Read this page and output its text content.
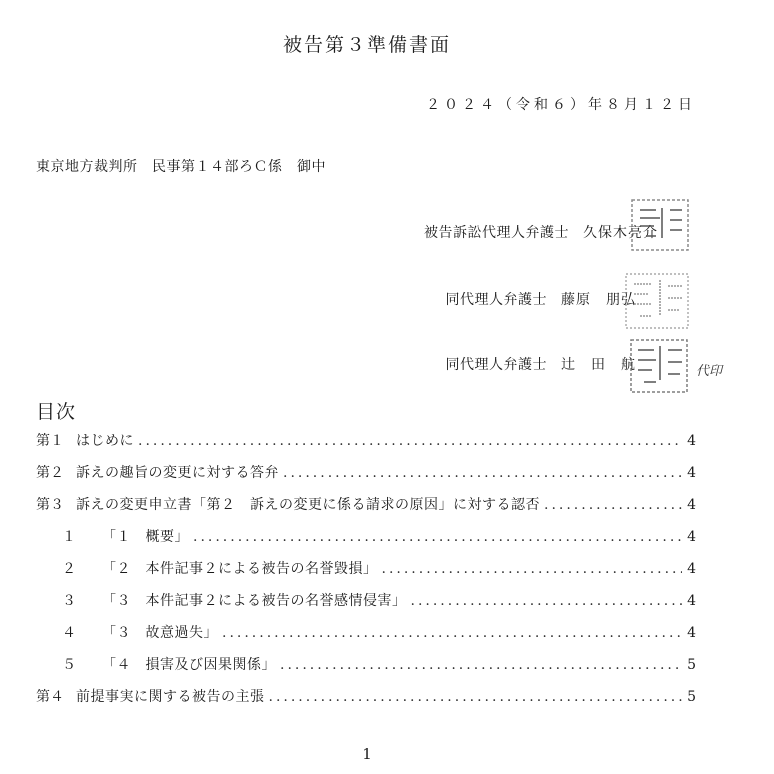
被告第３準備書面
２０２４（令和６）年８月１２日
東京地方裁判所　民事第１４部ろＣ係　御中
被告訴訟代理人弁護士 久保木亮介
同代理人弁護士 藤原　朋弘
同代理人弁護士 辻　田　航	代印
目次
第１ はじめに .....	4
第２ 訴えの趣旨の変更に対する答弁 .....	4
第３ 訴えの変更申立書「第２　訴えの変更に係る請求の原因」に対する認否 .....	4
１	「１　概要」 .....	4
２	「２　本件記事２による被告の名誉毀損」 .....	4
３	「３　本件記事２による被告の名誉感情侵害」 .....	4
４	「３　故意過失」 .....	4
５	「４　損害及び因果関係」 .....	5
第４ 前提事実に関する被告の主張 .....	5
1
